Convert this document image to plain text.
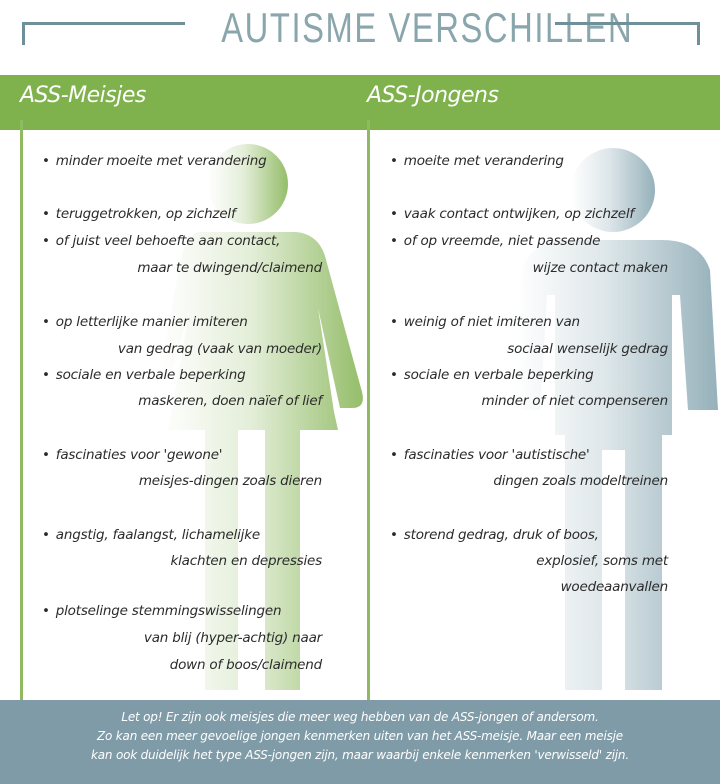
AUTISME VERSCHILLEN
ASS-Meisjes	ASS-Jongens
• minder moeite met verandering
• teruggetrokken, op zichzelf
• of juist veel behoefte aan contact,
maar te dwingend/claimend
• op letterlijke manier imiteren
van gedrag (vaak van moeder)
• sociale en verbale beperking
maskeren, doen naïef of lief
• fascinaties voor 'gewone'
meisjes-dingen zoals dieren
• angstig, faalangst, lichamelijke
klachten en depressies
• plotselinge stemmingswisselingen
van blij (hyper-achtig) naar
down of boos/claimend
• moeite met verandering
• vaak contact ontwijken, op zichzelf
• of op vreemde, niet passende
wijze contact maken
• weinig of niet imiteren van
sociaal wenselijk gedrag
• sociale en verbale beperking
minder of niet compenseren
• fascinaties voor 'autistische'
dingen zoals modeltreinen
• storend gedrag, druk of boos,
explosief, soms met
woedeaanvallen
Let op! Er zijn ook meisjes die meer weg hebben van de ASS-jongen of andersom.
Zo kan een meer gevoelige jongen kenmerken uiten van het ASS-meisje. Maar een meisje
kan ook duidelijk het type ASS-jongen zijn, maar waarbij enkele kenmerken 'verwisseld' zijn.
